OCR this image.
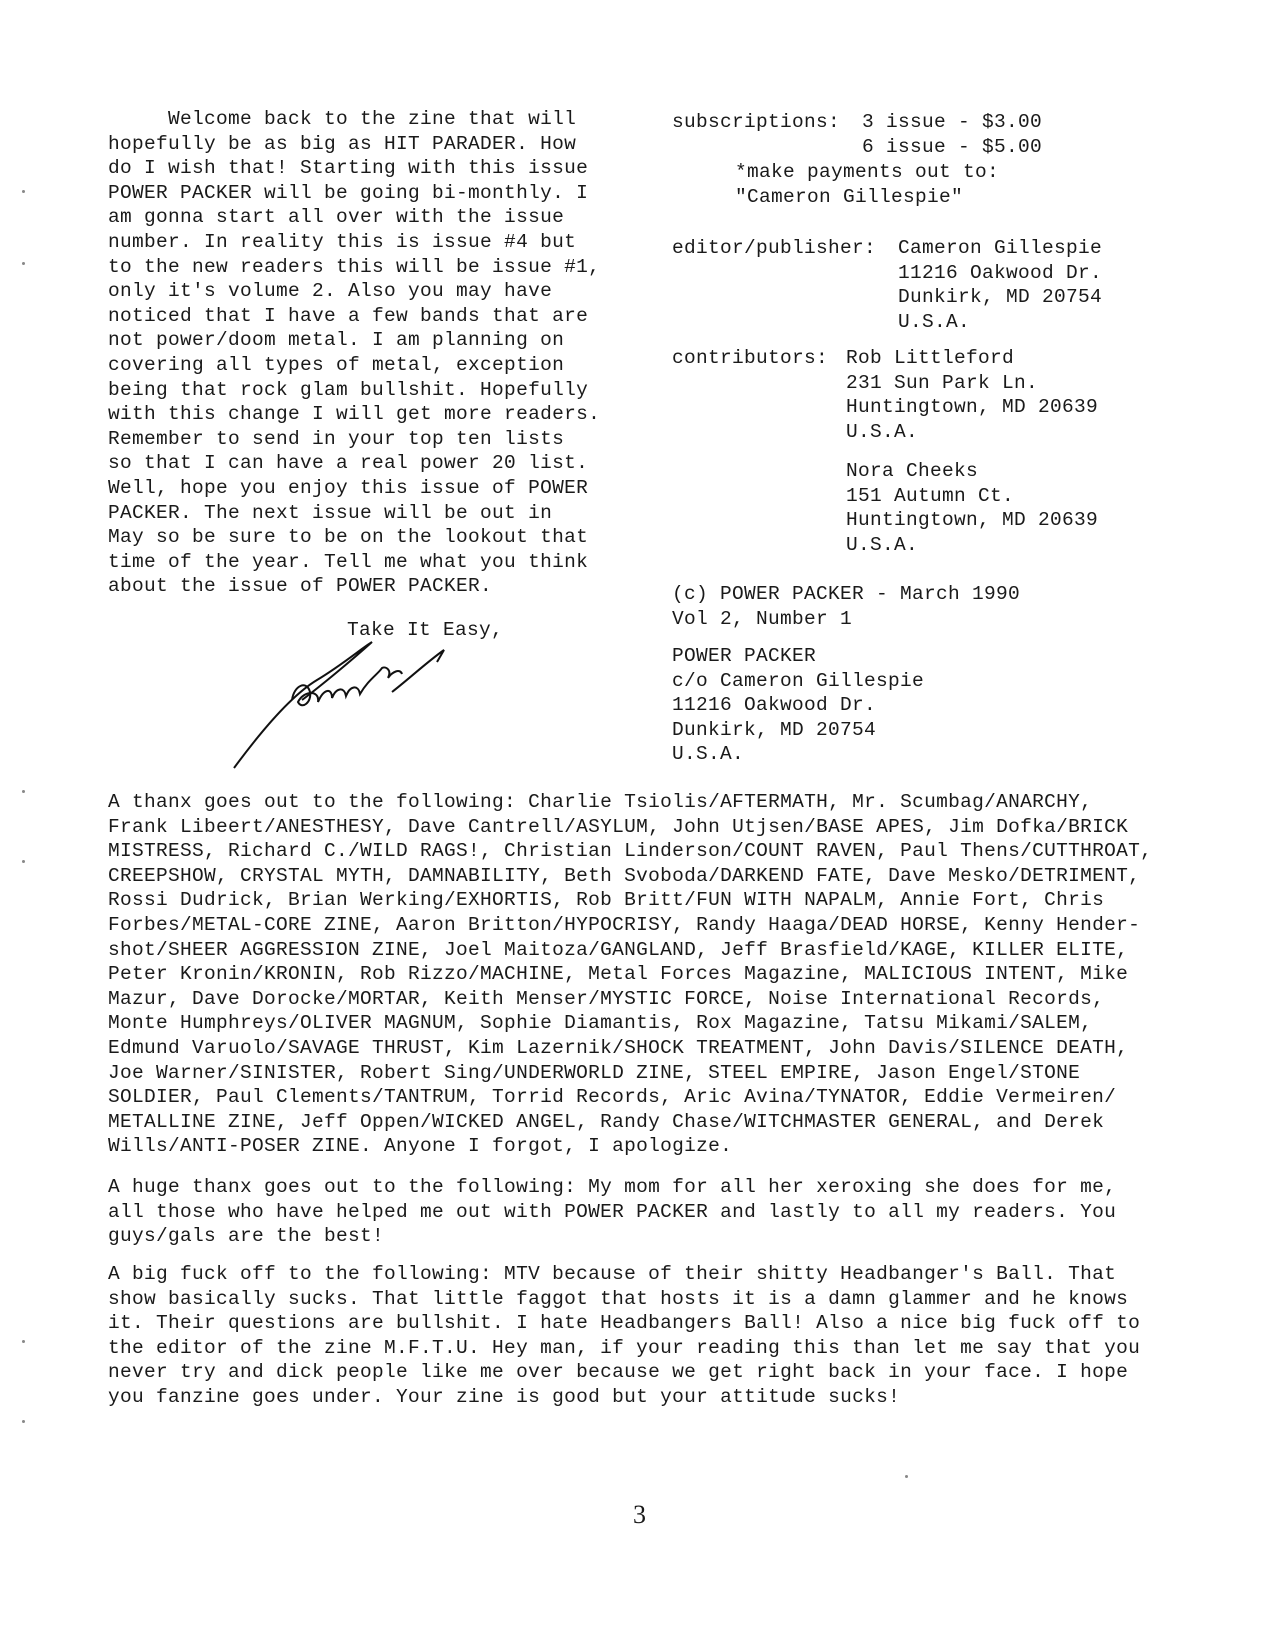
Welcome back to the zine that will
hopefully be as big as HIT PARADER. How
do I wish that! Starting with this issue
POWER PACKER will be going bi-monthly. I
am gonna start all over with the issue
number. In reality this is issue #4 but
to the new readers this will be issue #1,
only it's volume 2. Also you may have
noticed that I have a few bands that are
not power/doom metal. I am planning on
covering all types of metal, exception
being that rock glam bullshit. Hopefully
with this change I will get more readers.
Remember to send in your top ten lists
so that I can have a real power 20 list.
Well, hope you enjoy this issue of POWER
PACKER. The next issue will be out in
May so be sure to be on the lookout that
time of the year. Tell me what you think
about the issue of POWER PACKER.
Take It Easy,
subscriptions: 3 issue - $3.00
6 issue - $5.00
*make payments out to:
"Cameron Gillespie"
editor/publisher: Cameron Gillespie
11216 Oakwood Dr.
Dunkirk, MD 20754
U.S.A.
contributors: Rob Littleford
231 Sun Park Ln.
Huntingtown, MD 20639
U.S.A.
Nora Cheeks
151 Autumn Ct.
Huntingtown, MD 20639
U.S.A.
(c) POWER PACKER - March 1990
Vol 2, Number 1
POWER PACKER
c/o Cameron Gillespie
11216 Oakwood Dr.
Dunkirk, MD 20754
U.S.A.
A thanx goes out to the following: Charlie Tsiolis/AFTERMATH, Mr. Scumbag/ANARCHY,
Frank Libeert/ANESTHESY, Dave Cantrell/ASYLUM, John Utjsen/BASE APES, Jim Dofka/BRICK
MISTRESS, Richard C./WILD RAGS!, Christian Linderson/COUNT RAVEN, Paul Thens/CUTTHROAT,
CREEPSHOW, CRYSTAL MYTH, DAMNABILITY, Beth Svoboda/DARKEND FATE, Dave Mesko/DETRIMENT,
Rossi Dudrick, Brian Werking/EXHORTIS, Rob Britt/FUN WITH NAPALM, Annie Fort, Chris
Forbes/METAL-CORE ZINE, Aaron Britton/HYPOCRISY, Randy Haaga/DEAD HORSE, Kenny Hender-
shot/SHEER AGGRESSION ZINE, Joel Maitoza/GANGLAND, Jeff Brasfield/KAGE, KILLER ELITE,
Peter Kronin/KRONIN, Rob Rizzo/MACHINE, Metal Forces Magazine, MALICIOUS INTENT, Mike
Mazur, Dave Dorocke/MORTAR, Keith Menser/MYSTIC FORCE, Noise International Records,
Monte Humphreys/OLIVER MAGNUM, Sophie Diamantis, Rox Magazine, Tatsu Mikami/SALEM,
Edmund Varuolo/SAVAGE THRUST, Kim Lazernik/SHOCK TREATMENT, John Davis/SILENCE DEATH,
Joe Warner/SINISTER, Robert Sing/UNDERWORLD ZINE, STEEL EMPIRE, Jason Engel/STONE
SOLDIER, Paul Clements/TANTRUM, Torrid Records, Aric Avina/TYNATOR, Eddie Vermeiren/
METALLINE ZINE, Jeff Oppen/WICKED ANGEL, Randy Chase/WITCHMASTER GENERAL, and Derek
Wills/ANTI-POSER ZINE. Anyone I forgot, I apologize.
A huge thanx goes out to the following: My mom for all her xeroxing she does for me,
all those who have helped me out with POWER PACKER and lastly to all my readers. You
guys/gals are the best!
A big fuck off to the following: MTV because of their shitty Headbanger's Ball. That
show basically sucks. That little faggot that hosts it is a damn glammer and he knows
it. Their questions are bullshit. I hate Headbangers Ball! Also a nice big fuck off to
the editor of the zine M.F.T.U. Hey man, if your reading this than let me say that you
never try and dick people like me over because we get right back in your face. I hope
you fanzine goes under. Your zine is good but your attitude sucks!
3
